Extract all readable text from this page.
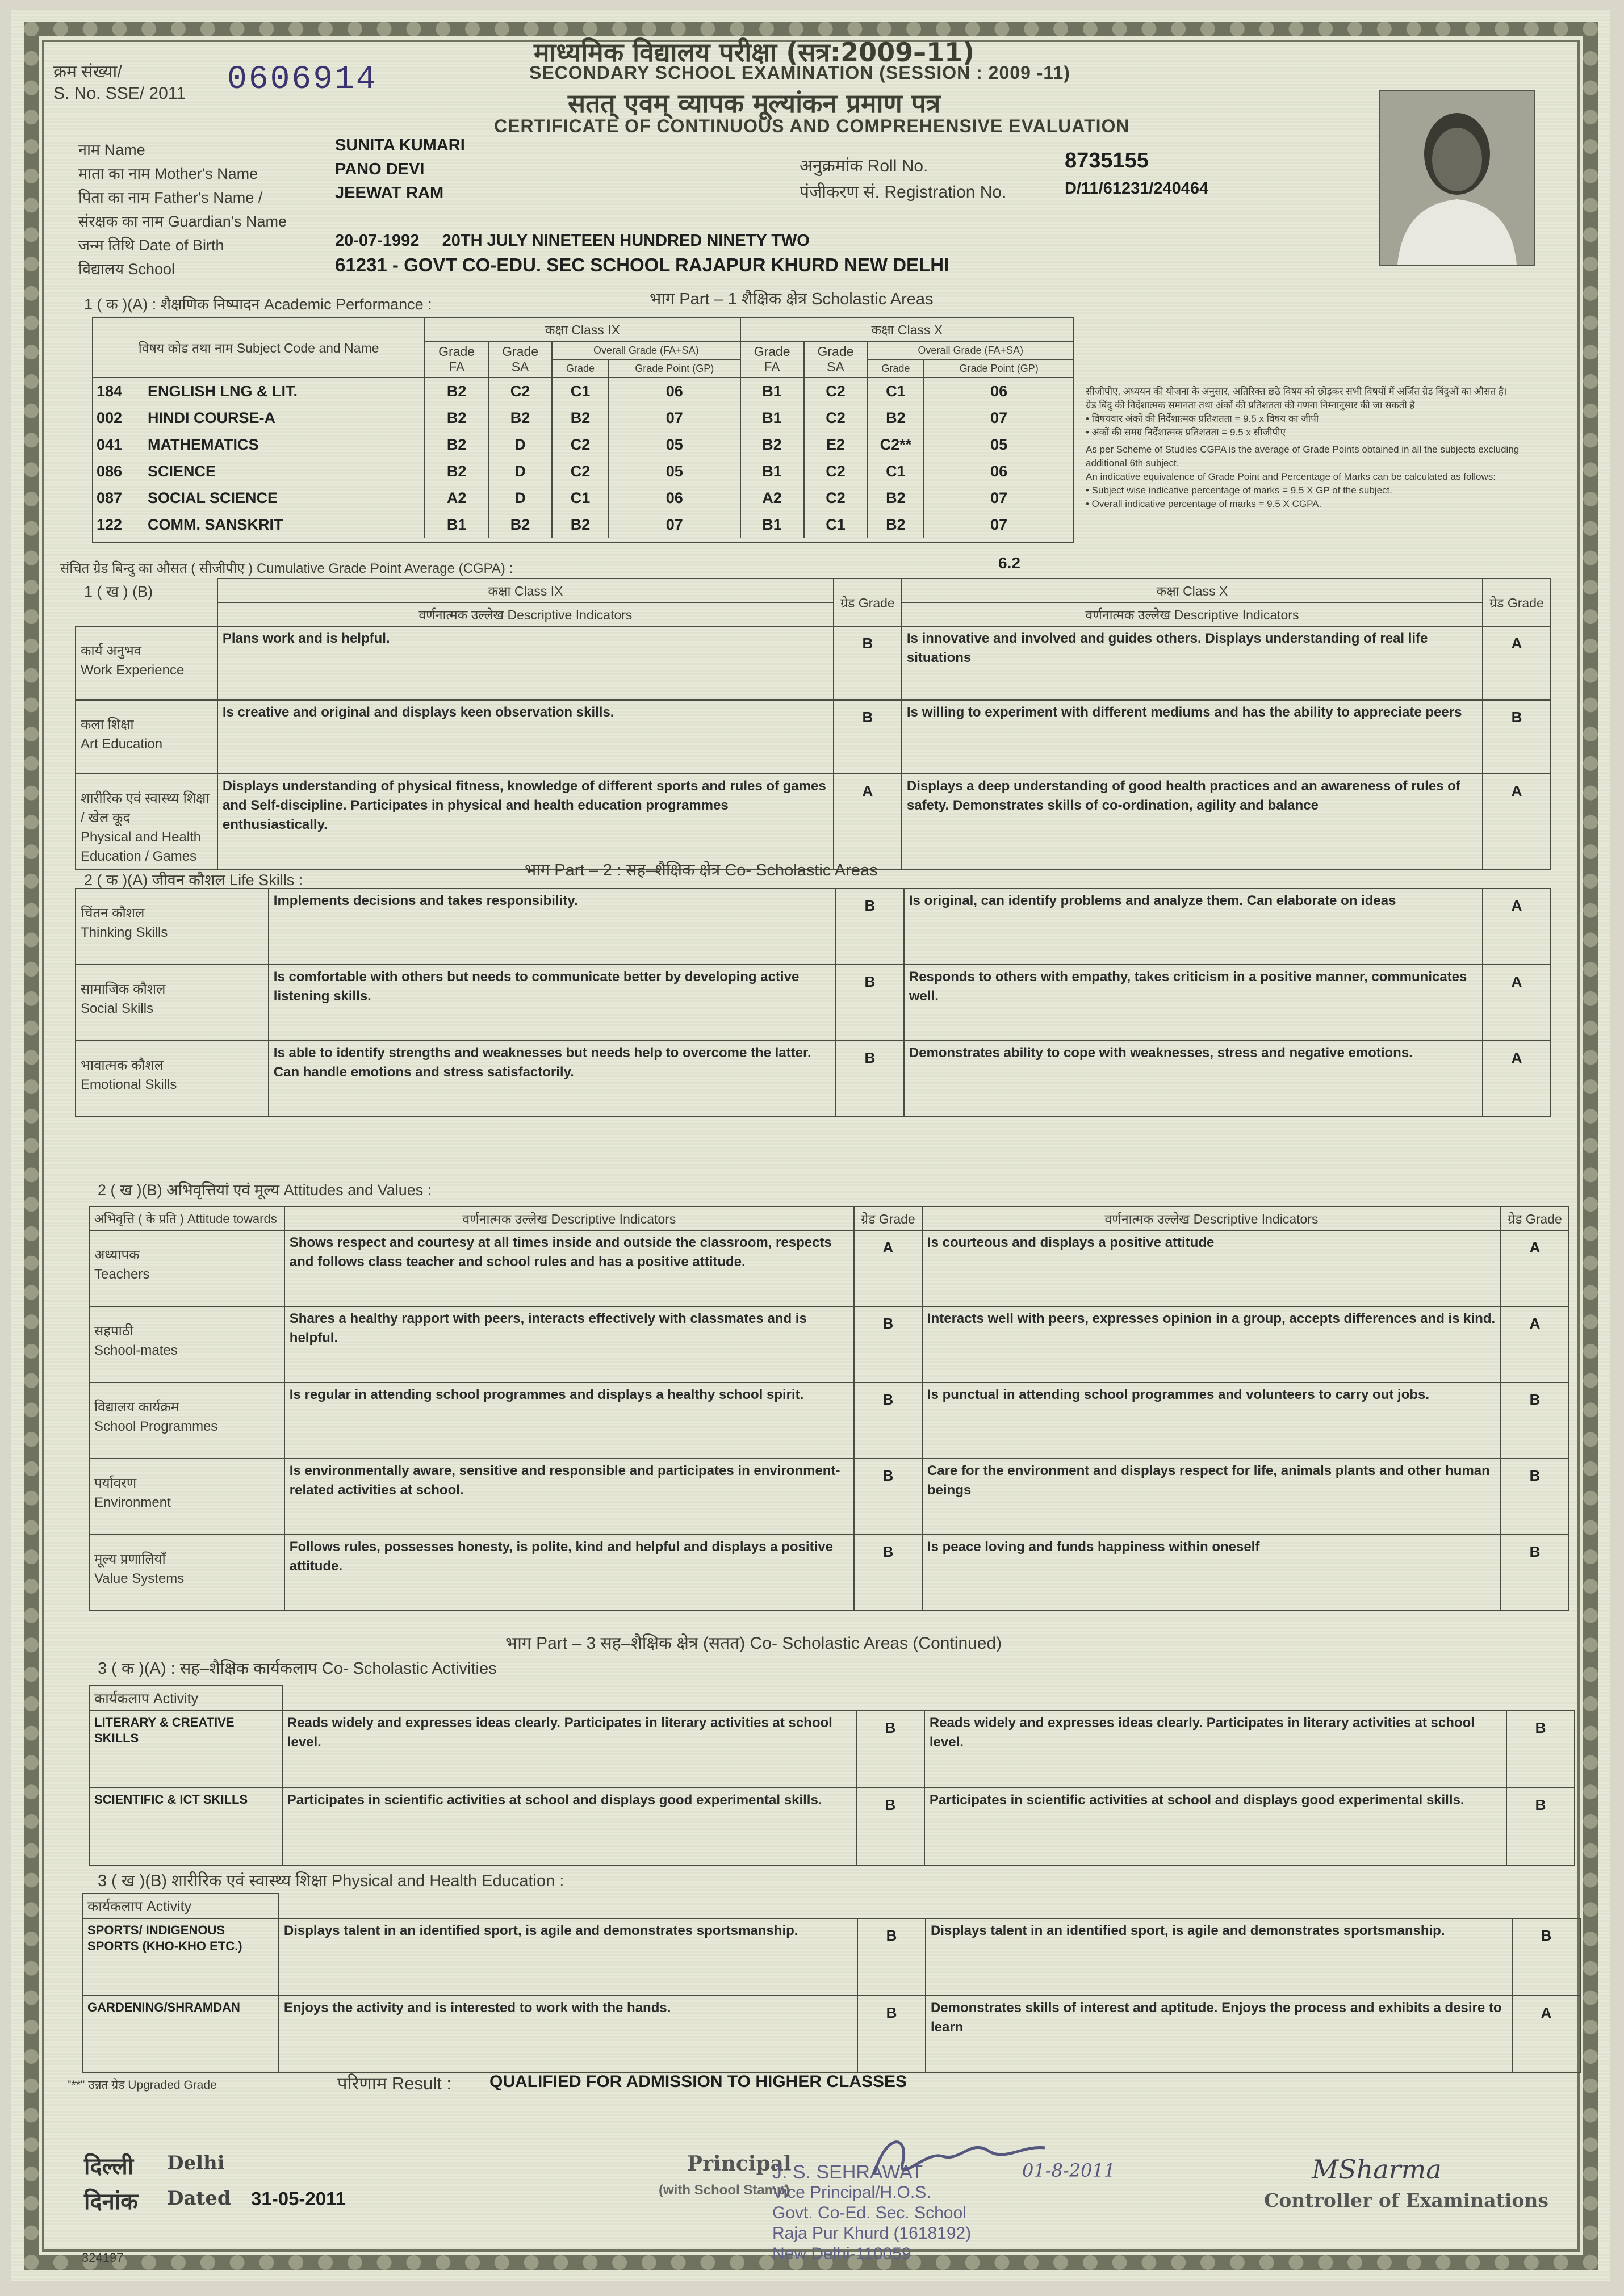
क्रम संख्या/
S. No. SSE/ 2011 0606914
माध्यमिक विद्यालय परीक्षा (सत्र:2009–11)
SECONDARY SCHOOL EXAMINATION (SESSION : 2009 -11)
सतत् एवम् व्यापक मूल्यांकन प्रमाण पत्र
CERTIFICATE OF CONTINUOUS AND COMPREHENSIVE EVALUATION
नाम Name	SUNITA KUMARI
माता का नाम Mother's Name	PANO DEVI
पिता का नाम Father's Name /	JEEWAT RAM
संरक्षक का नाम Guardian's Name
जन्म तिथि Date of Birth	20-07-1992     20TH JULY NINETEEN HUNDRED NINETY TWO
विद्यालय School	61231 - GOVT CO-EDU. SEC SCHOOL RAJAPUR KHURD NEW DELHI
अनुक्रमांक Roll No.	8735155
पंजीकरण सं. Registration No.	D/11/61231/240464
1 ( क )(A) : शैक्षणिक निष्पादन Academic Performance :	भाग Part – 1 शैक्षिक क्षेत्र Scholastic Areas
विषय कोड तथा नाम Subject Code and Name	कक्षा Class IX				कक्षा Class X			
	Grade FA	Grade SA	Overall Grade (FA+SA)		Grade FA	Grade SA	Overall Grade (FA+SA)	
			Grade	Grade Point (GP)			Grade	Grade Point (GP)
184 ENGLISH LNG & LIT.	B2	C2	C1	06	B1	C2	C1	06
002 HINDI COURSE-A	B2	B2	B2	07	B1	C2	B2	07
041 MATHEMATICS	B2	D	C2	05	B2	E2	C2**	05
086 SCIENCE	B2	D	C2	05	B1	C2	C1	06
087 SOCIAL SCIENCE	A2	D	C1	06	A2	C2	B2	07
122 COMM. SANSKRIT	B1	B2	B2	07	B1	C1	B2	07

संचित ग्रेड बिन्दु का औसत ( सीजीपीए ) Cumulative Grade Point Average (CGPA) :	6.2
सीजीपीए, अध्ययन की योजना के अनुसार, अतिरिक्त छठे विषय को छोड़कर सभी विषयों में अर्जित ग्रेड बिंदुओं का औसत है।
ग्रेड बिंदु की निर्देशात्मक समानता तथा अंकों की प्रतिशतता की गणना निम्नानुसार की जा सकती है
• विषयवार अंकों की निर्देशात्मक प्रतिशतता = 9.5 x विषय का जीपी
• अंकों की समग्र निर्देशात्मक प्रतिशतता = 9.5 x सीजीपीए
As per Scheme of Studies CGPA is the average of Grade Points obtained in all the subjects excluding additional 6th subject.
An indicative equivalence of Grade Point and Percentage of Marks can be calculated as follows:
• Subject wise indicative percentage of marks = 9.5 X GP of the subject.
• Overall indicative percentage of marks = 9.5 X CGPA.
1 ( ख ) (B)
		कक्षा Class IX	ग्रेड Grade	कक्षा Class X	ग्रेड Grade
	वर्णनात्मक उल्लेख Descriptive Indicators		वर्णनात्मक उल्लेख Descriptive Indicators	
कार्य अनुभव
Work Experience	Plans work and is helpful.	B	Is innovative and involved and guides others. Displays understanding of real life situations	A
कला शिक्षा
Art Education	Is creative and original and displays keen observation skills.	B	Is willing to experiment with different mediums and has the ability to appreciate peers	B
शारीरिक एवं स्वास्थ्य शिक्षा / खेल कूद
Physical and Health Education / Games	Displays understanding of physical fitness, knowledge of different sports and rules of games and Self-discipline. Participates in physical and health education programmes enthusiastically.	A	Displays a deep understanding of good health practices and an awareness of rules of safety. Demonstrates skills of co-ordination, agility and balance	A
भाग Part – 2 : सह–शैक्षिक क्षेत्र Co- Scholastic Areas
2 ( क )(A) जीवन कौशल Life Skills :
चिंतन कौशल
Thinking Skills	Implements decisions and takes responsibility.	B	Is original, can identify problems and analyze them. Can elaborate on ideas	A
सामाजिक कौशल
Social Skills	Is comfortable with others but needs to communicate better by developing active listening skills.	B	Responds to others with empathy, takes criticism in a positive manner, communicates well.	A
भावात्मक कौशल
Emotional Skills	Is able to identify strengths and weaknesses but needs help to overcome the latter. Can handle emotions and stress satisfactorily.	B	Demonstrates ability to cope with weaknesses, stress and negative emotions.	A
2 ( ख )(B) अभिवृत्तियां एवं मूल्य Attitudes and Values :
अभिवृत्ति ( के प्रति ) Attitude towards	वर्णनात्मक उल्लेख Descriptive Indicators	ग्रेड Grade	वर्णनात्मक उल्लेख Descriptive Indicators	ग्रेड Grade
अध्यापक
Teachers	Shows respect and courtesy at all times inside and outside the classroom, respects and follows class teacher and school rules and has a positive attitude.	A	Is courteous and displays a positive attitude	A
सहपाठी
School-mates	Shares a healthy rapport with peers, interacts effectively with classmates and is helpful.	B	Interacts well with peers, expresses opinion in a group, accepts differences and is kind.	A
विद्यालय कार्यक्रम
School Programmes	Is regular in attending school programmes and displays a healthy school spirit.	B	Is punctual in attending school programmes and volunteers to carry out jobs.	B
पर्यावरण
Environment	Is environmentally aware, sensitive and responsible and participates in environment-related activities at school.	B	Care for the environment and displays respect for life, animals plants and other human beings	B
मूल्य प्रणालियाँ
Value Systems	Follows rules, possesses honesty, is polite, kind and helpful and displays a positive attitude.	B	Is peace loving and funds happiness within oneself	B
भाग Part – 3 सह–शैक्षिक क्षेत्र (सतत) Co- Scholastic Areas (Continued)
3 ( क )(A) : सह–शैक्षिक कार्यकलाप Co- Scholastic Activities
कार्यकलाप Activity				
LITERARY & CREATIVE SKILLS	Reads widely and expresses ideas clearly. Participates in literary activities at school level.	B	Reads widely and expresses ideas clearly. Participates in literary activities at school level.	B
SCIENTIFIC & ICT SKILLS	Participates in scientific activities at school and displays good experimental skills.	B	Participates in scientific activities at school and displays good experimental skills.	B
3 ( ख )(B) शारीरिक एवं स्वास्थ्य शिक्षा Physical and Health Education :
कार्यकलाप Activity				
SPORTS/ INDIGENOUS SPORTS (KHO-KHO ETC.)	Displays talent in an identified sport, is agile and demonstrates sportsmanship.	B	Displays talent in an identified sport, is agile and demonstrates sportsmanship.	B
GARDENING/SHRAMDAN	Enjoys the activity and is interested to work with the hands.	B	Demonstrates skills of interest and aptitude. Enjoys the process and exhibits a desire to learn	A
"**" उन्नत ग्रेड Upgraded Grade	परिणाम Result : QUALIFIED FOR ADMISSION TO HIGHER CLASSES
दिल्ली Delhi
दिनांक Dated 31-05-2011
Principal
(with School Stamp)
J. S. SEHRAWAT
Vice Principal/H.O.S.
Govt. Co-Ed. Sec. School
Raja Pur Khurd (1618192)
New Delhi-110059
01-8-2011	MSharma
Controller of Examinations
324197
